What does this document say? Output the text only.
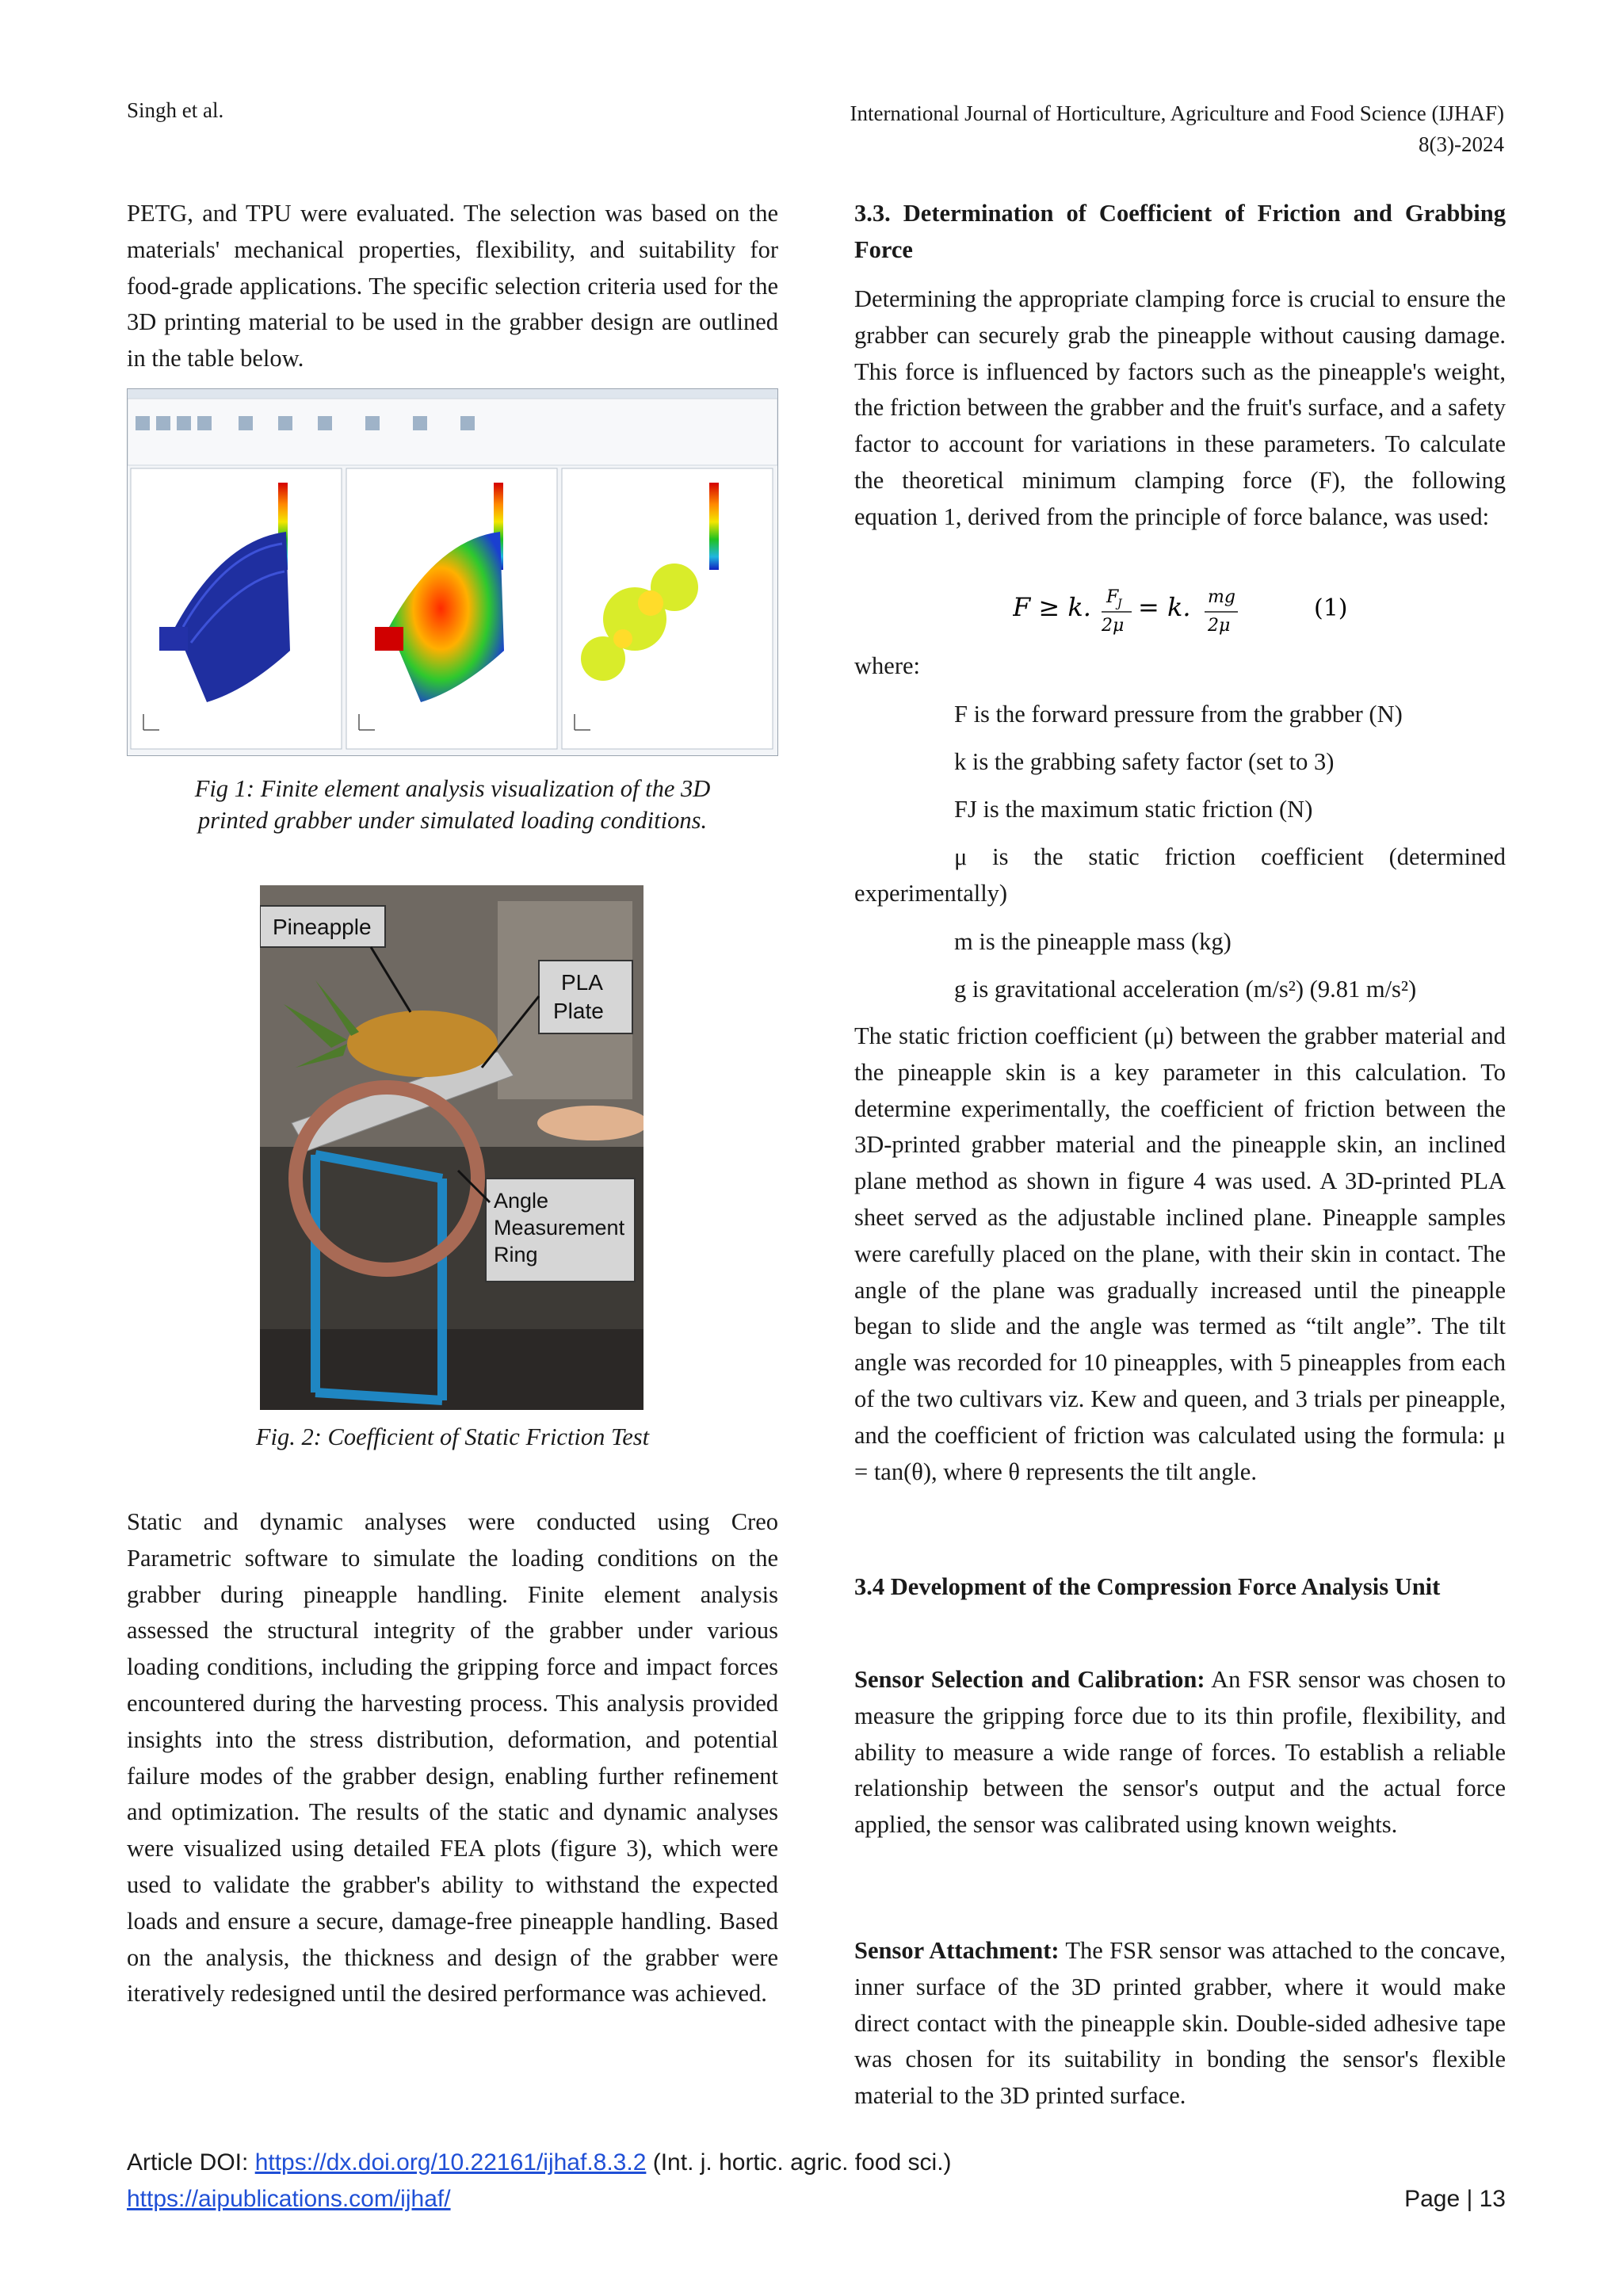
Singh et al.	International Journal of Horticulture, Agriculture and Food Science (IJHAF)
8(3)-2024

PETG, and TPU were evaluated. The selection was based on the materials' mechanical properties, flexibility, and suitability for food-grade applications. The specific selection criteria used for the 3D printing material to be used in the grabber design are outlined in the table below.

Fig 1: Finite element analysis visualization of the 3D
printed grabber under simulated loading conditions.
Pineapple
PLA
Plate
Angle
Measurement
Ring
Fig. 2: Coefficient of Static Friction Test
Static and dynamic analyses were conducted using Creo Parametric software to simulate the loading conditions on the grabber during pineapple handling. Finite element analysis assessed the structural integrity of the grabber under various loading conditions, including the gripping force and impact forces encountered during the harvesting process. This analysis provided insights into the stress distribution, deformation, and potential failure modes of the grabber design, enabling further refinement and optimization. The results of the static and dynamic analyses were visualized using detailed FEA plots (figure 3), which were used to validate the grabber's ability to withstand the expected loads and ensure a secure, damage-free pineapple handling. Based on the analysis, the thickness and design of the grabber were iteratively redesigned until the desired performance was achieved.
3.3. Determination of Coefficient of Friction and Grabbing Force
Determining the appropriate clamping force is crucial to ensure the grabber can securely grab the pineapple without causing damage. This force is influenced by factors such as the pineapple's weight, the friction between the grabber and the fruit's surface, and a safety factor to account for variations in these parameters. To calculate the theoretical minimum clamping force (F), the following equation 1, derived from the principle of force balance, was used:
F ≥ k. F
J
2μ
= k. mg
2μ
(1)
where:
F is the forward pressure from the grabber (N)
k is the grabbing safety factor (set to 3)
FJ is the maximum static friction (N)
μ is the static friction coefficient (determined experimentally)
m is the pineapple mass (kg)
g is gravitational acceleration (m/s²) (9.81 m/s²)
The static friction coefficient (μ) between the grabber material and the pineapple skin is a key parameter in this calculation. To determine experimentally, the coefficient of friction between the 3D-printed grabber material and the pineapple skin, an inclined plane method as shown in figure 4 was used. A 3D-printed PLA sheet served as the adjustable inclined plane. Pineapple samples were carefully placed on the plane, with their skin in contact. The angle of the plane was gradually increased until the pineapple began to slide and the angle was termed as “tilt angle”. The tilt angle was recorded for 10 pineapples, with 5 pineapples from each of the two cultivars viz. Kew and queen, and 3 trials per pineapple, and the coefficient of friction was calculated using the formula: μ = tan(θ), where θ represents the tilt angle.
3.4 Development of the Compression Force Analysis Unit
Sensor Selection and Calibration: An FSR sensor was chosen to measure the gripping force due to its thin profile, flexibility, and ability to measure a wide range of forces. To establish a reliable relationship between the sensor's output and the actual force applied, the sensor was calibrated using known weights.
Sensor Attachment: The FSR sensor was attached to the concave, inner surface of the 3D printed grabber, where it would make direct contact with the pineapple skin. Double-sided adhesive tape was chosen for its suitability in bonding the sensor's flexible material to the 3D printed surface.
Article DOI: https://dx.doi.org/10.22161/ijhaf.8.3.2 (Int. j. hortic. agric. food sci.)
https://aipublications.com/ijhaf/	Page | 13
